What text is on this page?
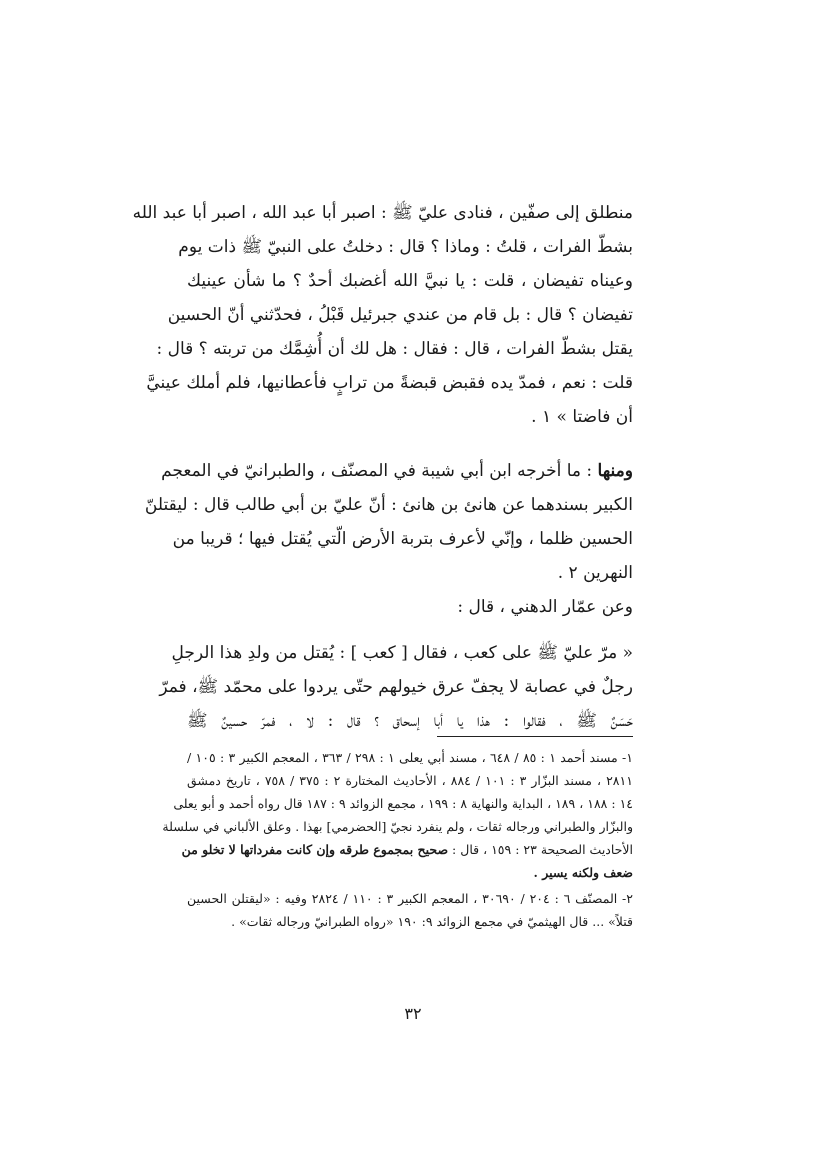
منطلق إلى صفّين ، فنادى عليّ ﷺ : اصبر أبا عبد الله ، اصبر أبا عبد الله
بشطّ الفرات ، قلتُ : وماذا ؟ قال : دخلتُ على النبيّ ﷺ ذات يوم
وعيناه تفيضان ، قلت : يا نبيَّ الله أغضبك أحدٌ ؟ ما شأن عينيك
تفيضان ؟ قال : بل قام من عندي جبرئيل قَبْلُ ، فحدّثني أنّ الحسين
يقتل بشطّ الفرات ، قال : فقال : هل لك أن أُشِمَّك من تربته ؟ قال :
قلت : نعم ، فمدّ يده فقبض قبضةً من ترابٍ فأعطانيها، فلم أملك عينيَّ
أن فاضتا » ١ .
ومنها : ما أخرجه ابن أبي شيبة في المصنّف ، والطبرانيّ في المعجم
الكبير بسندهما عن هانئ بن هانئ : أنّ عليّ بن أبي طالب قال : ليقتلنّ
الحسين ظلما ، وإنّي لأعرف بتربة الأرض الّتي يُقتل فيها ؛ قريبا من
النهرين ٢ .
وعن عمّار الدهني ، قال :
« مرّ عليّ ﷺ على كعب ، فقال [ كعب ] : يُقتل من ولدِ هذا الرجلِ
رجلٌ في عصابة لا يجفّ عرق خيولهم حتّى يردوا على محمّد ﷺ، فمرّ
حَسَنٌ ﷺ ، فقالوا : هذا يا أبا إسحاق ؟ قال : لا ، فمرّ حسينٌ ﷺ
١- مسند أحمد ١ : ٨٥ / ٦٤٨ ، مسند أبي يعلى ١ : ٢٩٨ / ٣٦٣ ، المعجم الكبير ٣ : ١٠٥ /
٢٨١١ ، مسند البزّار ٣ : ١٠١ / ٨٨٤ ، الأحاديث المختارة ٢ : ٣٧٥ / ٧٥٨ ، تاريخ دمشق
١٤ : ١٨٨ ، ١٨٩ ، البداية والنهاية ٨ : ١٩٩ ، مجمع الزوائد ٩ : ١٨٧ قال رواه أحمد و أبو يعلى
والبزّار والطبراني ورجاله ثقات ، ولم ينفرد نجيّ [الحضرمي] بهذا . وعلق الألباني في سلسلة
الأحاديث الصحيحة ٢٣ : ١٥٩ ، قال : صحيح بمجموع طرقه وإن كانت مفرداتها لا تخلو من
ضعف ولكنه يسير .
٢- المصنّف ٦ : ٢٠٤ / ٣٠٦٩٠ ، المعجم الكبير ٣ : ١١٠ / ٢٨٢٤ وفيه : «ليقتلن الحسين
قتلاً» ... قال الهيثميّ في مجمع الزوائد ٩: ١٩٠ «رواه الطبرانيّ ورجاله ثقات» .
٣٢
